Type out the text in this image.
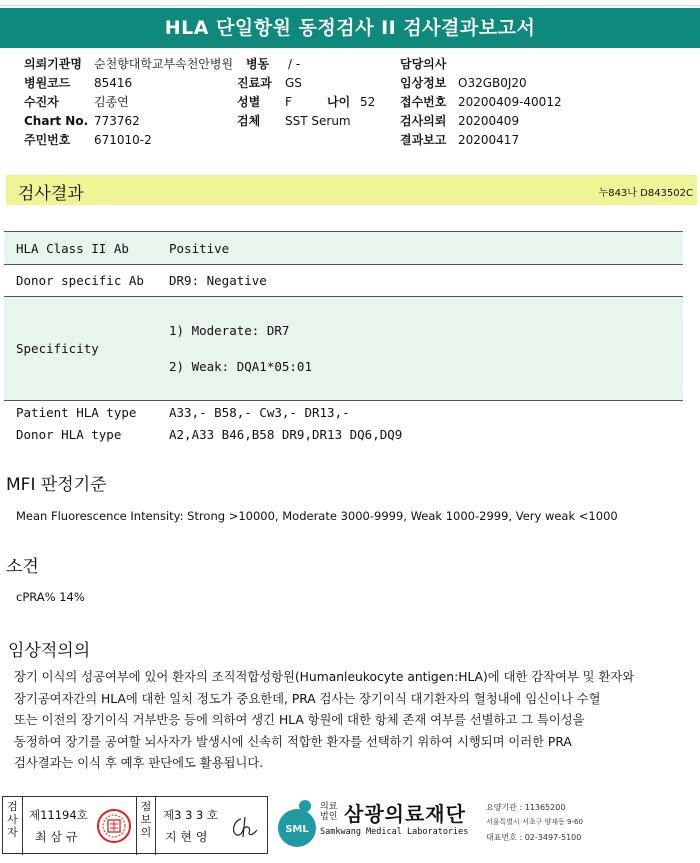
HLA 단일항원 동정검사 II 검사결과보고서
의뢰기관명 순천향대학교부속천안병원
병원코드 85416
수진자	김종연
Chart No. 773762
주민번호 671010-2
병동 / -
진료과 GS
성별 F	나이 52
검체 SST Serum
담당의사
임상정보 O32GB0J20
접수번호 20200409-40012
검사의뢰 20200409
결과보고 20200417
검사결과	누843나 D843502C
HLA Class II Ab	Positive
Donor specific Ab DR9: Negative
Specificity
1) Moderate: DR7
2) Weak: DQA1*05:01
Patient HLA type	A33,- B58,- Cw3,- DR13,-
Donor HLA type	A2,A33 B46,B58 DR9,DR13 DQ6,DQ9
MFI 판정기준
Mean Fluorescence Intensity: Strong >10000, Moderate 3000-9999, Weak 1000-2999, Very weak <1000
소견
cPRA% 14%
임상적의의
장기 이식의 성공여부에 있어 환자의 조직적합성항원(Humanleukocyte antigen:HLA)에 대한 감작여부 및 환자와
장기공여자간의 HLA에 대한 일치 정도가 중요한데, PRA 검사는 장기이식 대기환자의 혈청내에 임신이나 수혈
또는 이전의 장기이식 거부반응 등에 의하여 생긴 HLA 항원에 대한 항체 존재 여부를 선별하고 그 특이성을
동정하여 장기를 공여할 뇌사자가 발생시에 신속히 적합한 환자를 선택하기 위하여 시행되며 이러한 PRA
검사결과는 이식 후 예후 판단에도 활용됩니다.
검사자
제11194호
최 삼 규
점보의
제3 3 3 호
지 현 영
SML
의료법인 삼광의료재단
Samkwang Medical Laboratories
요양기관 : 11365200
서울특별시 서초구 양재동 9-60
대표번호 : 02-3497-5100
